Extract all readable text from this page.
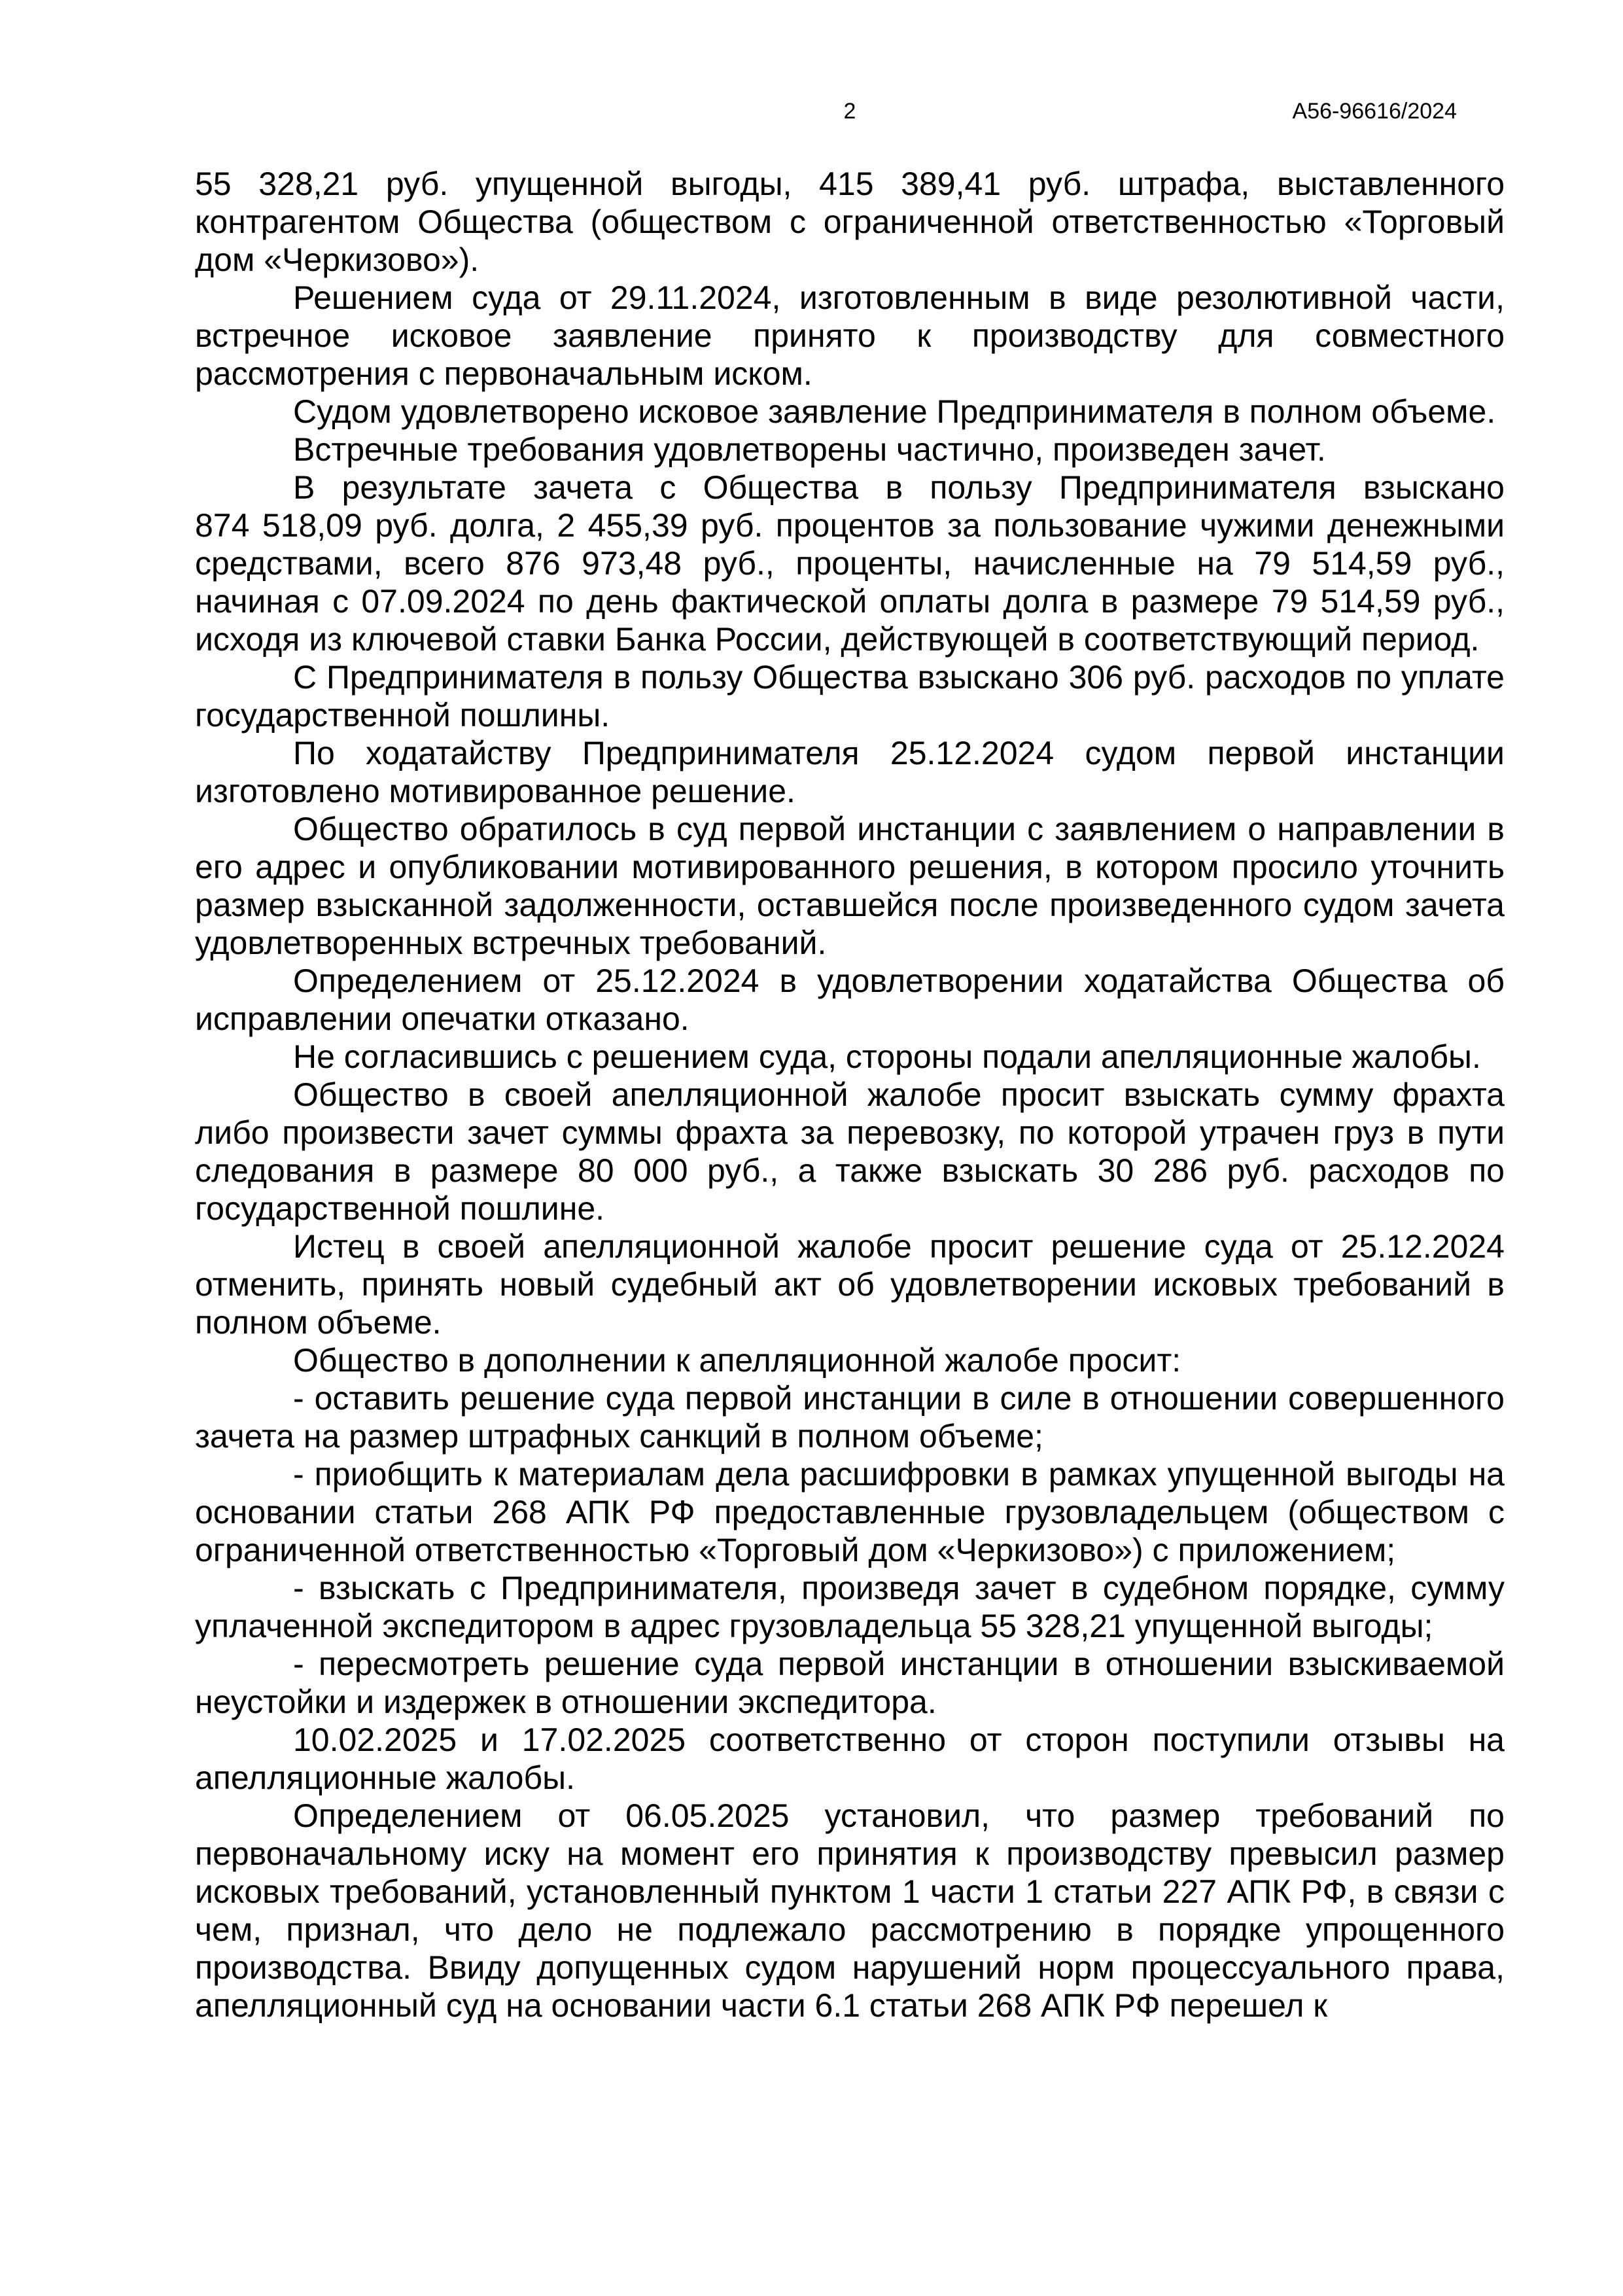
2	А56-96616/2024

55 328,21 руб. упущенной выгоды, 415 389,41 руб. штрафа, выставленного контрагентом Общества (обществом с ограниченной ответственностью «Торговый дом «Черкизово»).

Решением суда от 29.11.2024, изготовленным в виде резолютивной части, встречное исковое заявление принято к производству для совместного рассмотрения с первоначальным иском.

Судом удовлетворено исковое заявление Предпринимателя в полном объеме.

Встречные требования удовлетворены частично, произведен зачет.

В результате зачета с Общества в пользу Предпринимателя взыскано 874 518,09 руб. долга, 2 455,39 руб. процентов за пользование чужими денежными средствами, всего 876 973,48 руб., проценты, начисленные на 79 514,59 руб., начиная с 07.09.2024 по день фактической оплаты долга в размере 79 514,59 руб., исходя из ключевой ставки Банка России, действующей в соответствующий период.

С Предпринимателя в пользу Общества взыскано 306 руб. расходов по уплате государственной пошлины.

По ходатайству Предпринимателя 25.12.2024 судом первой инстанции изготовлено мотивированное решение.

Общество обратилось в суд первой инстанции с заявлением о направлении в его адрес и опубликовании мотивированного решения, в котором просило уточнить размер взысканной задолженности, оставшейся после произведенного судом зачета удовлетворенных встречных требований.

Определением от 25.12.2024 в удовлетворении ходатайства Общества об исправлении опечатки отказано.

Не согласившись с решением суда, стороны подали апелляционные жалобы.

Общество в своей апелляционной жалобе просит взыскать сумму фрахта либо произвести зачет суммы фрахта за перевозку, по которой утрачен груз в пути следования в размере 80 000 руб., а также взыскать 30 286 руб. расходов по государственной пошлине.

Истец в своей апелляционной жалобе просит решение суда от 25.12.2024 отменить, принять новый судебный акт об удовлетворении исковых требований в полном объеме.

Общество в дополнении к апелляционной жалобе просит:

- оставить решение суда первой инстанции в силе в отношении совершенного зачета на размер штрафных санкций в полном объеме;

- приобщить к материалам дела расшифровки в рамках упущенной выгоды на основании статьи 268 АПК РФ предоставленные грузовладельцем (обществом с ограниченной ответственностью «Торговый дом «Черкизово») с приложением;

- взыскать с Предпринимателя, произведя зачет в судебном порядке, сумму уплаченной экспедитором в адрес грузовладельца 55 328,21 упущенной выгоды;

- пересмотреть решение суда первой инстанции в отношении взыскиваемой неустойки и издержек в отношении экспедитора.

10.02.2025 и 17.02.2025 соответственно от сторон поступили отзывы на апелляционные жалобы.

Определением от 06.05.2025 установил, что размер требований по первоначальному иску на момент его принятия к производству превысил размер исковых требований, установленный пунктом 1 части 1 статьи 227 АПК РФ, в связи с чем, признал, что дело не подлежало рассмотрению в порядке упрощенного производства. Ввиду допущенных судом нарушений норм процессуального права, апелляционный суд на основании части 6.1 статьи 268 АПК РФ перешел к
